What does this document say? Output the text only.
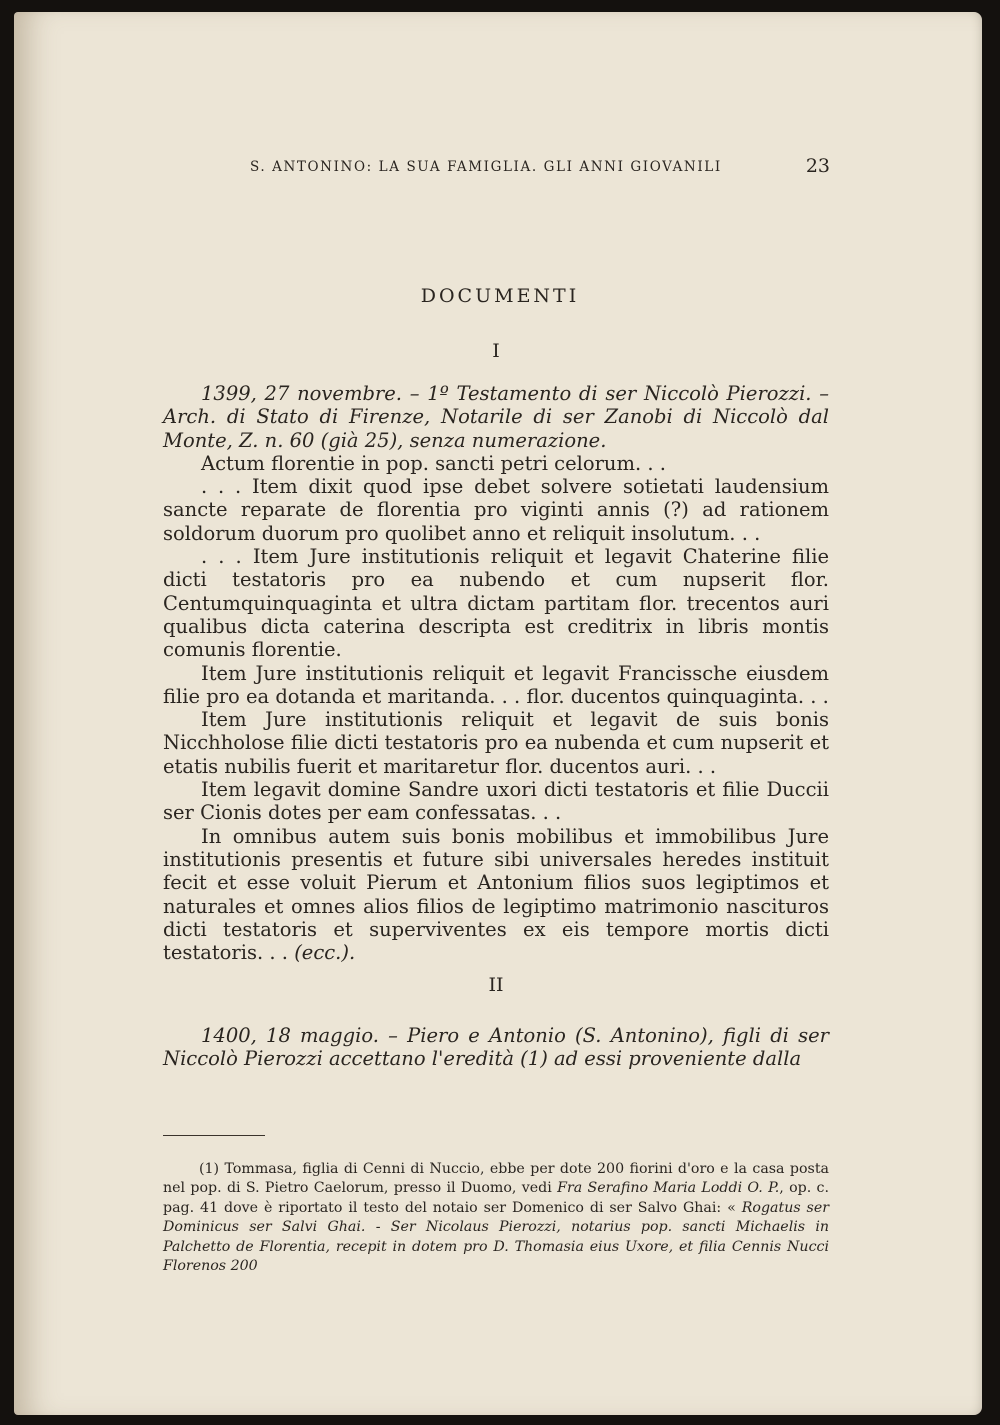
S. ANTONINO: LA SUA FAMIGLIA. GLI ANNI GIOVANILI	23
DOCUMENTI
I

1399, 27 novembre. – 1º Testamento di ser Niccolò Pierozzi. – Arch. di Stato di Firenze, Notarile di ser Zanobi di Niccolò dal Monte, Z. n. 60 (già 25), senza numerazione.

Actum florentie in pop. sancti petri celorum. . .

. . . Item dixit quod ipse debet solvere sotietati laudensium sancte reparate de florentia pro viginti annis (?) ad rationem soldorum duorum pro quolibet anno et reliquit insolutum. . .

. . . Item Jure institutionis reliquit et legavit Chaterine filie dicti testatoris pro ea nubendo et cum nupserit flor. Centumquinquaginta et ultra dictam partitam flor. trecentos auri qualibus dicta caterina descripta est creditrix in libris montis comunis florentie.

Item Jure institutionis reliquit et legavit Francissche eiusdem filie pro ea dotanda et maritanda. . . flor. ducentos quinquaginta. . .

Item Jure institutionis reliquit et legavit de suis bonis Nicchholose filie dicti testatoris pro ea nubenda et cum nupserit et etatis nubilis fuerit et maritaretur flor. ducentos auri. . .

Item legavit domine Sandre uxori dicti testatoris et filie Duccii ser Cionis dotes per eam confessatas. . .

In omnibus autem suis bonis mobilibus et immobilibus Jure institutionis presentis et future sibi universales heredes instituit fecit et esse voluit Pierum et Antonium filios suos legiptimos et naturales et omnes alios filios de legiptimo matrimonio nascituros dicti testatoris et superviventes ex eis tempore mortis dicti testatoris. . . (ecc.).

II

1400, 18 maggio. – Piero e Antonio (S. Antonino), figli di ser Niccolò Pierozzi accettano l'eredità (1) ad essi proveniente dalla

(1) Tommasa, figlia di Cenni di Nuccio, ebbe per dote 200 fiorini d'oro e la casa posta nel pop. di S. Pietro Caelorum, presso il Duomo, vedi Fra Serafino Maria Loddi O. P., op. c. pag. 41 dove è riportato il testo del notaio ser Domenico di ser Salvo Ghai: « Rogatus ser Dominicus ser Salvi Ghai. - Ser Nicolaus Pierozzi, notarius pop. sancti Michaelis in Palchetto de Florentia, recepit in dotem pro D. Thomasia eius Uxore, et filia Cennis Nucci Florenos 200
